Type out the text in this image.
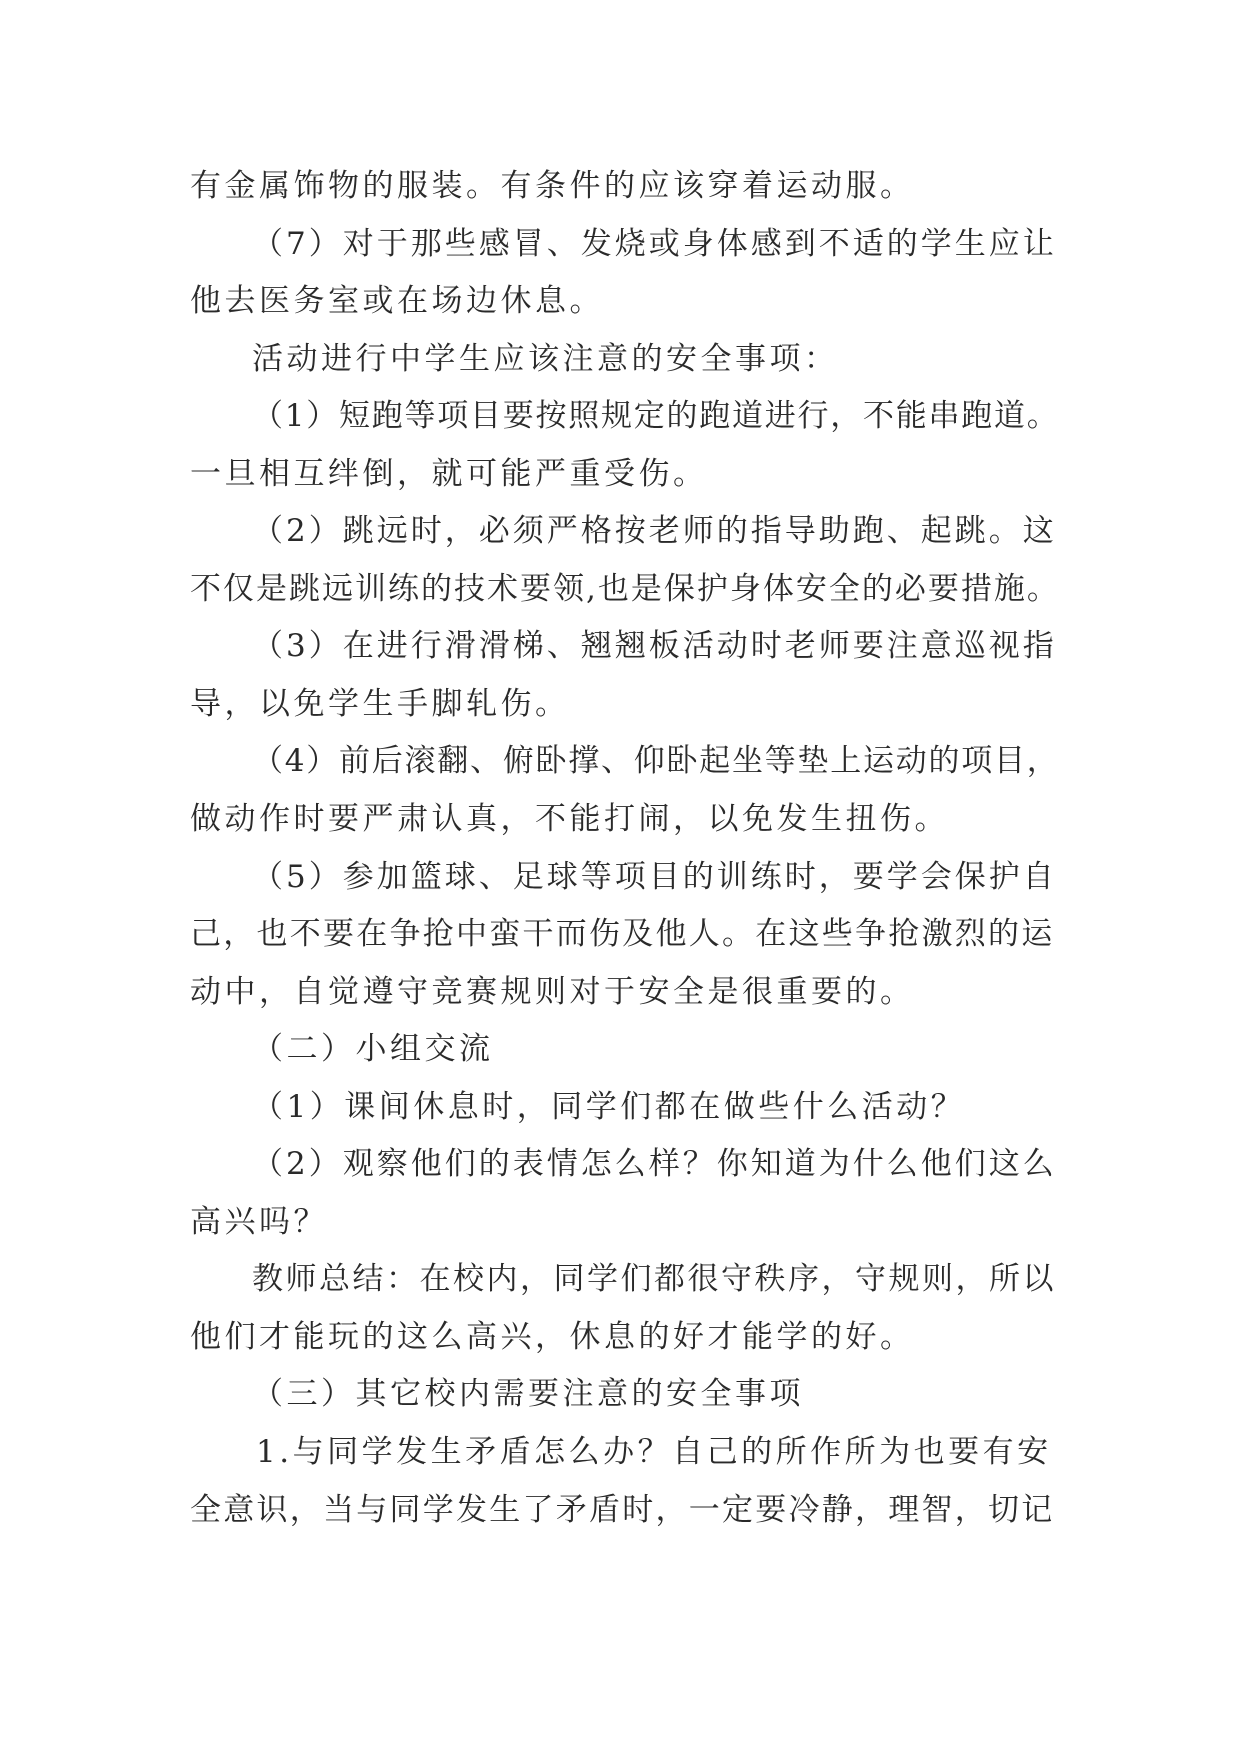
有金属饰物的服装。有条件的应该穿着运动服。
（7）对于那些感冒、发烧或身体感到不适的学生应让
他去医务室或在场边休息。
活动进行中学生应该注意的安全事项：
（1）短跑等项目要按照规定的跑道进行，不能串跑道。
一旦相互绊倒，就可能严重受伤。
（2）跳远时，必须严格按老师的指导助跑、起跳。这
不仅是跳远训练的技术要领,也是保护身体安全的必要措施。
（3）在进行滑滑梯、翘翘板活动时老师要注意巡视指
导，以免学生手脚轧伤。
（4）前后滚翻、俯卧撑、仰卧起坐等垫上运动的项目，
做动作时要严肃认真，不能打闹，以免发生扭伤。
（5）参加篮球、足球等项目的训练时，要学会保护自
己，也不要在争抢中蛮干而伤及他人。在这些争抢激烈的运
动中，自觉遵守竞赛规则对于安全是很重要的。
（二）小组交流
（1）课间休息时，同学们都在做些什么活动？
（2）观察他们的表情怎么样？你知道为什么他们这么
高兴吗？
教师总结：在校内，同学们都很守秩序，守规则，所以
他们才能玩的这么高兴，休息的好才能学的好。
（三）其它校内需要注意的安全事项
1.与同学发生矛盾怎么办？自己的所作所为也要有安
全意识，当与同学发生了矛盾时，一定要冷静，理智，切记
